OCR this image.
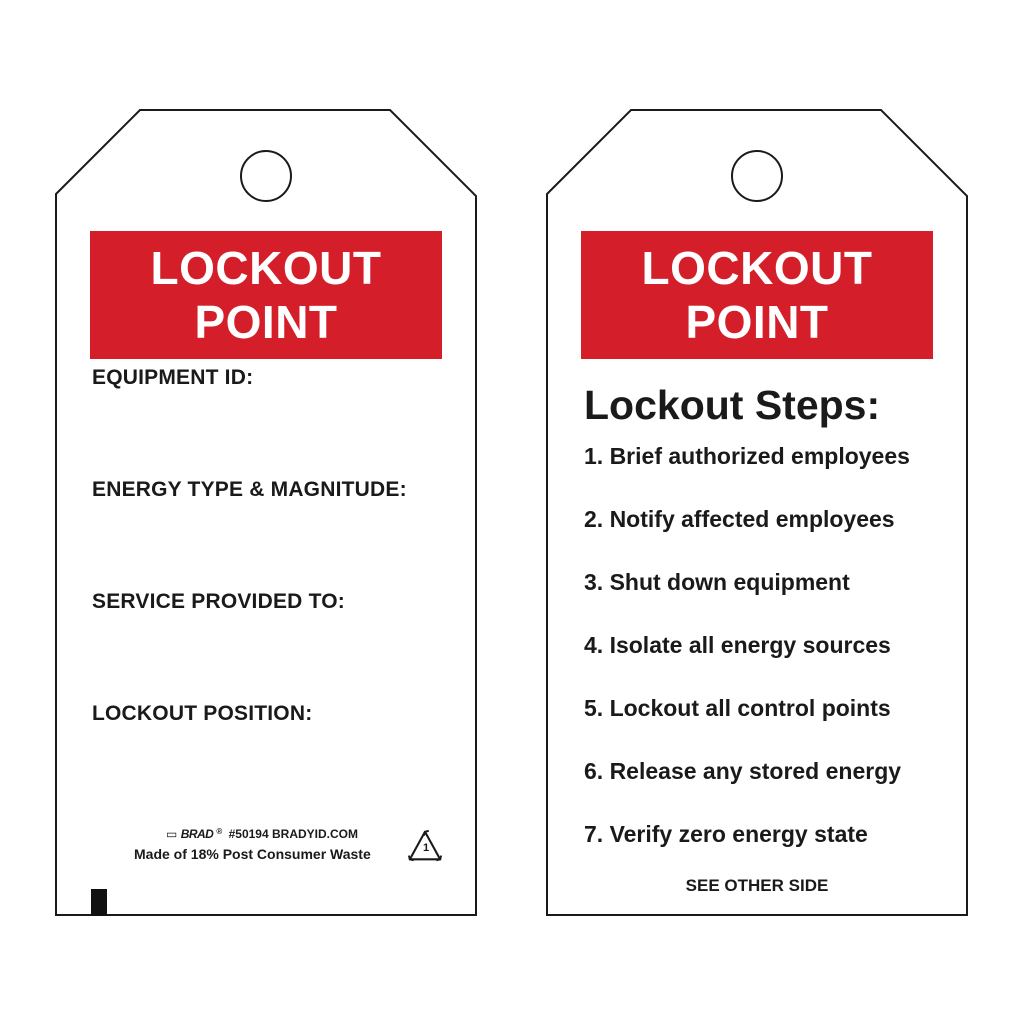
LOCKOUT
POINT
EQUIPMENT ID:
ENERGY TYPE & MAGNITUDE:
SERVICE PROVIDED TO:
LOCKOUT POSITION:
▭ BRAD ® #50194 BRADYID.COM
Made of 18% Post Consumer Waste	1
LOCKOUT
POINT
Lockout Steps:
1. Brief authorized employees
2. Notify affected employees
3. Shut down equipment
4. Isolate all energy sources
5. Lockout all control points
6. Release any stored energy
7. Verify zero energy state
SEE OTHER SIDE
